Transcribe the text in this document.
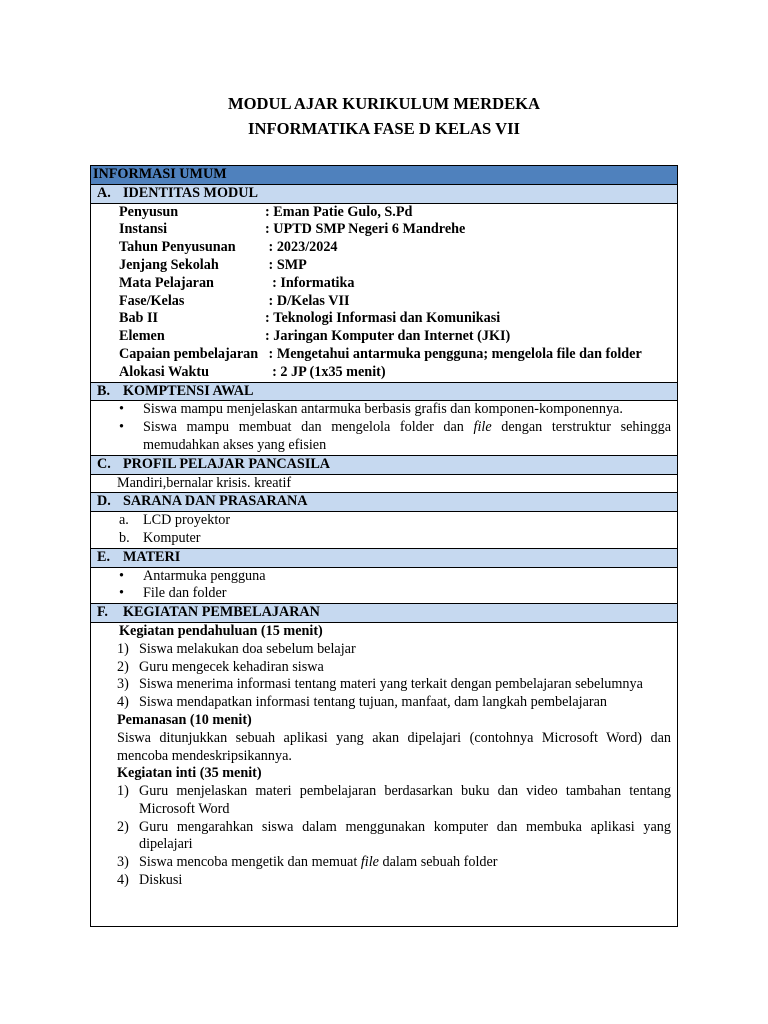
MODUL AJAR KURIKULUM MERDEKA
INFORMATIKA FASE D KELAS VII
INFORMASI UMUM
A. IDENTITAS MODUL

Penyusun	: Eman Patie Gulo, S.Pd
Instansi	: UPTD SMP Negeri 6 Mandrehe
Tahun Penyusunan	: 2023/2024
Jenjang Sekolah	: SMP
Mata Pelajaran	: Informatika
Fase/Kelas	: D/Kelas VII
Bab II	: Teknologi Informasi dan Komunikasi
Elemen	: Jaringan Komputer dan Internet (JKI)
Capaian pembelajaran : Mengetahui antarmuka pengguna; mengelola file dan folder
Alokasi Waktu	: 2 JP (1x35 menit)

B. KOMPTENSI AWAL

•	Siswa mampu menjelaskan antarmuka berbasis grafis dan komponen-komponennya.
•	Siswa mampu membuat dan mengelola folder dan file dengan terstruktur sehingga memudahkan akses yang efisien

C. PROFIL PELAJAR PANCASILA

Mandiri,bernalar krisis. kreatif

D. SARANA DAN PRASARANA

a. LCD proyektor
b. Komputer

E. MATERI

•	Antarmuka pengguna
•	File dan folder

F. KEGIATAN PEMBELAJARAN

Kegiatan pendahuluan (15 menit)
1) Siswa melakukan doa sebelum belajar
2) Guru mengecek kehadiran siswa
3) Siswa menerima informasi tentang materi yang terkait dengan pembelajaran sebelumnya
4) Siswa mendapatkan informasi tentang tujuan, manfaat, dam langkah pembelajaran
Pemanasan (10 menit)
Siswa ditunjukkan sebuah aplikasi yang akan dipelajari (contohnya Microsoft Word) dan mencoba mendeskripsikannya.
Kegiatan inti (35 menit)
1) Guru menjelaskan materi pembelajaran berdasarkan buku dan video tambahan tentang Microsoft Word
2) Guru mengarahkan siswa dalam menggunakan komputer dan membuka aplikasi yang dipelajari
3) Siswa mencoba mengetik dan memuat file dalam sebuah folder
4) Diskusi
